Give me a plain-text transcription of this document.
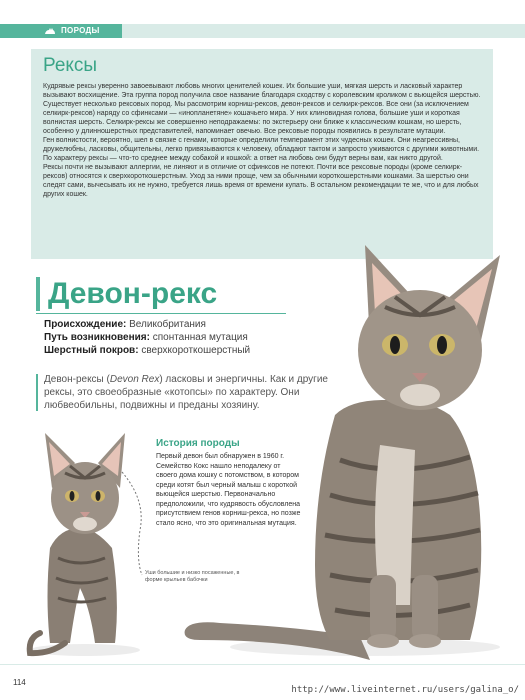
ПОРОДЫ
Рексы

Кудрявые рексы уверенно завоевывают любовь многих ценителей кошек. Их большие уши, мягкая шерсть и ласковый характер вызывают восхищение. Эта группа пород получила свое название благодаря сходству с королевским кроликом с вьющейся шерстью.

Существует несколько рексовых пород. Мы рассмотрим корниш-рексов, девон-рексов и селкирк-рексов. Все они (за исключением селкирк-рексов) наряду со сфинксами — «инопланетяне» кошачьего мира. У них клиновидная голова, большие уши и короткая волнистая шерсть. Селкирк-рексы же совершенно неподражаемы: по экстерьеру они ближе к классическим кошкам, но шерсть, особенно у длинношерстных представителей, напоминает овечью. Все рексовые породы появились в результате мутации.

Ген волнистости, вероятно, шел в связке с генами, которые определили темперамент этих чудесных кошек. Они неагрессивны, дружелюбны, ласковы, общительны, легко привязываются к человеку, обладают тактом и запросто уживаются с другими животными. По характеру рексы — что-то среднее между собакой и кошкой: а ответ на любовь они будут верны вам, как никто другой.

Рексы почти не вызывают аллергии, не линяют и в отличие от сфинксов не потеют. Почти все рексовые породы (кроме селкирк-рексов) относятся к сверхкороткошерстным. Уход за ними проще, чем за обычными короткошерстными кошками. За шерстью они следят сами, вычесывать их не нужно, требуется лишь время от времени купать. В остальном рекомендации те же, что и для любых других кошек.

Девон-рекс
Происхождение: Великобритания
Путь возникновения: спонтанная мутация
Шерстный покров: сверхкороткошерстный
Девон-рексы (Devon Rex) ласковы и энергичны. Как и другие рексы, это своеобразные «котопсы» по характеру. Они любвеобильны, подвижны и преданы хозяину.
История породы
Первый девон был обнаружен в 1960 г. Семейство Кокс нашло неподалеку от своего дома кошку с потомством, в котором среди котят был черный малыш с короткой вьющейся шерстью. Первоначально предположили, что кудрявость обусловлена присутствием генов корниш-рекса, но позже стало ясно, что это оригинальная мутация.
Уши большие и низко посаженные, в форме крыльев бабочки
114
http://www.liveinternet.ru/users/galina_o/
